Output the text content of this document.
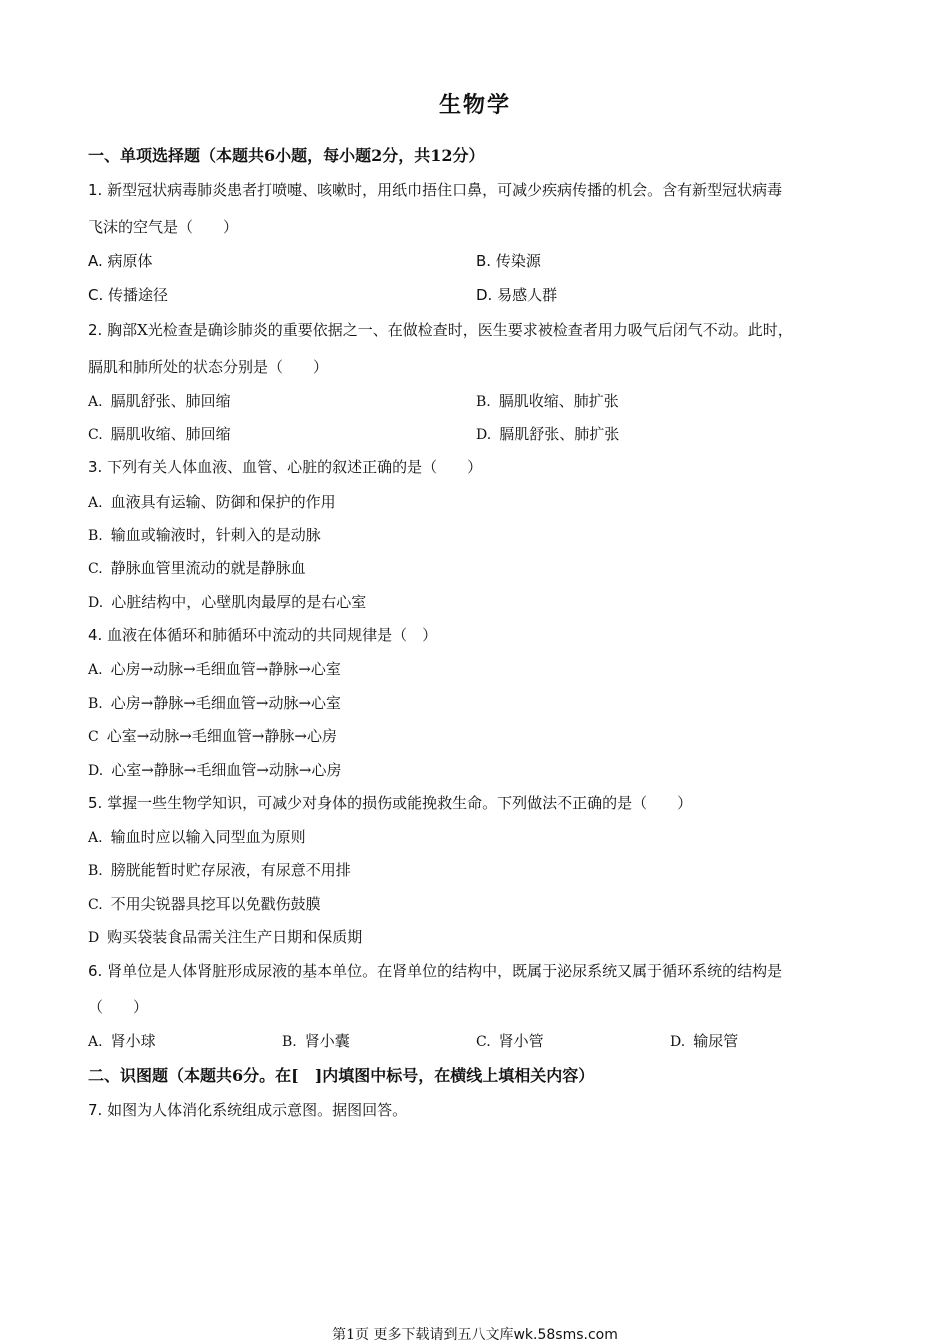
生物学
一、单项选择题（本题共6小题，每小题2分，共12分）
1. 新型冠状病毒肺炎患者打喷嚏、咳嗽时，用纸巾捂住口鼻，可减少疾病传播的机会。含有新型冠状病毒
飞沫的空气是（　　）
A. 病原体	B. 传染源
C. 传播途径	D. 易感人群
2. 胸部X光检查是确诊肺炎的重要依据之一、在做检查时，医生要求被检查者用力吸气后闭气不动。此时，
膈肌和肺所处的状态分别是（　　）
A. 膈肌舒张、肺回缩	B. 膈肌收缩、肺扩张
C. 膈肌收缩、肺回缩	D. 膈肌舒张、肺扩张
3. 下列有关人体血液、血管、心脏的叙述正确的是（　　）
A. 血液具有运输、防御和保护的作用
B. 输血或输液时，针刺入的是动脉
C. 静脉血管里流动的就是静脉血
D. 心脏结构中，心壁肌肉最厚的是右心室
4. 血液在体循环和肺循环中流动的共同规律是（　）
A. 心房→动脉→毛细血管→静脉→心室
B. 心房→静脉→毛细血管→动脉→心室
C 心室→动脉→毛细血管→静脉→心房
D. 心室→静脉→毛细血管→动脉→心房
5. 掌握一些生物学知识，可减少对身体的损伤或能挽救生命。下列做法不正确的是（　　）
A. 输血时应以输入同型血为原则
B. 膀胱能暂时贮存尿液，有尿意不用排
C. 不用尖锐器具挖耳以免戳伤鼓膜
D 购买袋装食品需关注生产日期和保质期
6. 肾单位是人体肾脏形成尿液的基本单位。在肾单位的结构中，既属于泌尿系统又属于循环系统的结构是
（　　）
A. 肾小球	B. 肾小囊	C. 肾小管	D. 输尿管
二、识图题（本题共6分。在[　]内填图中标号，在横线上填相关内容）
7. 如图为人体消化系统组成示意图。据图回答。
第1页 更多下载请到五八文库wk.58sms.com
